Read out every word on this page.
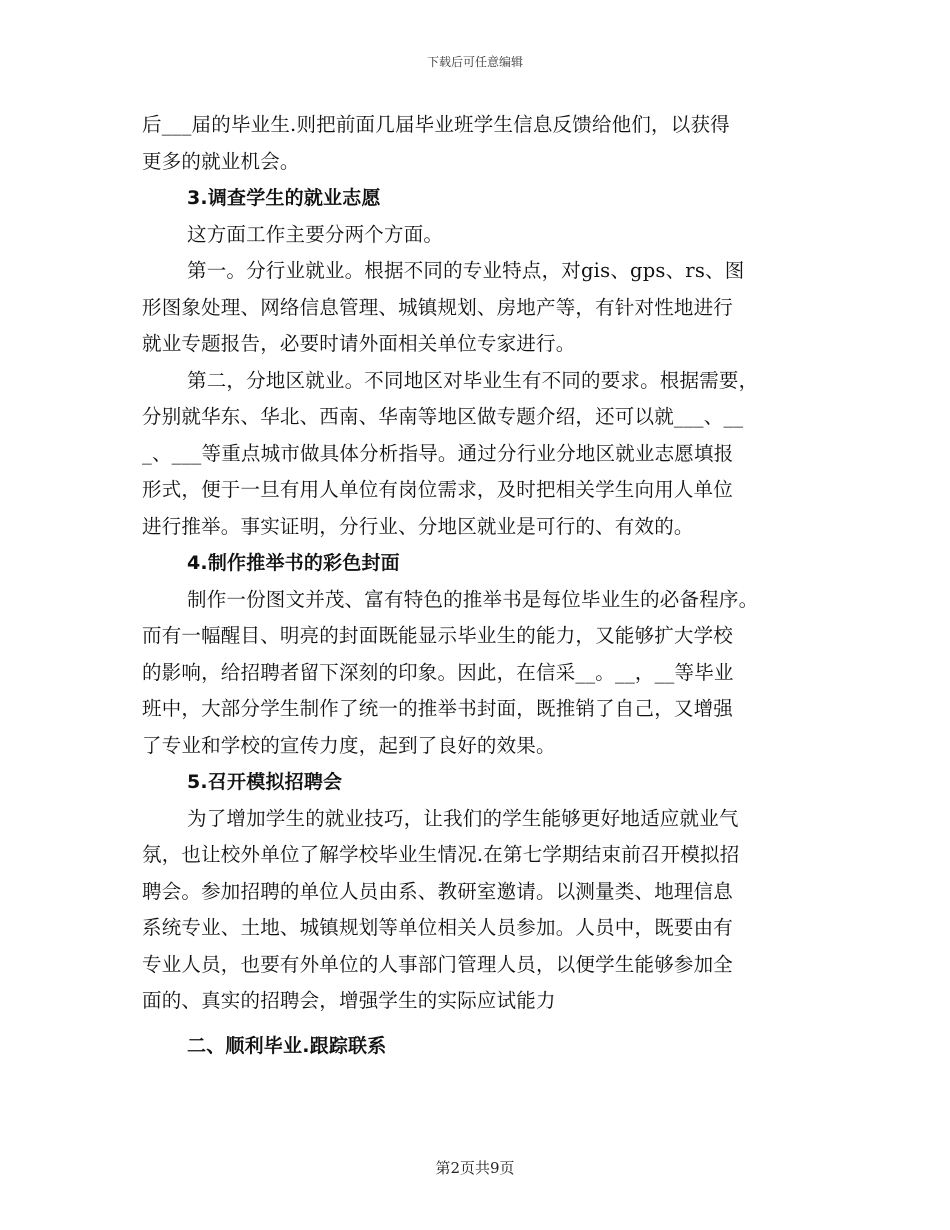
下载后可任意编辑
后___届的毕业生.则把前面几届毕业班学生信息反馈给他们，以获得
更多的就业机会。
3.调查学生的就业志愿
这方面工作主要分两个方面。
第一。分行业就业。根据不同的专业特点，对gis、gps、rs、图
形图象处理、网络信息管理、城镇规划、房地产等，有针对性地进行
就业专题报告，必要时请外面相关单位专家进行。
第二，分地区就业。不同地区对毕业生有不同的要求。根据需要，
分别就华东、华北、西南、华南等地区做专题介绍，还可以就___、__
_、___等重点城市做具体分析指导。通过分行业分地区就业志愿填报
形式，便于一旦有用人单位有岗位需求，及时把相关学生向用人单位
进行推举。事实证明，分行业、分地区就业是可行的、有效的。
4.制作推举书的彩色封面
制作一份图文并茂、富有特色的推举书是每位毕业生的必备程序。
而有一幅醒目、明亮的封面既能显示毕业生的能力，又能够扩大学校
的影响，给招聘者留下深刻的印象。因此，在信采__。__，__等毕业
班中，大部分学生制作了统一的推举书封面，既推销了自己，又增强
了专业和学校的宣传力度，起到了良好的效果。
5.召开模拟招聘会
为了增加学生的就业技巧，让我们的学生能够更好地适应就业气
氛，也让校外单位了解学校毕业生情况.在第七学期结束前召开模拟招
聘会。参加招聘的单位人员由系、教研室邀请。以测量类、地理信息
系统专业、土地、城镇规划等单位相关人员参加。人员中，既要由有
专业人员，也要有外单位的人事部门管理人员，以便学生能够参加全
面的、真实的招聘会，增强学生的实际应试能力
二、顺利毕业.跟踪联系
第2页共9页
